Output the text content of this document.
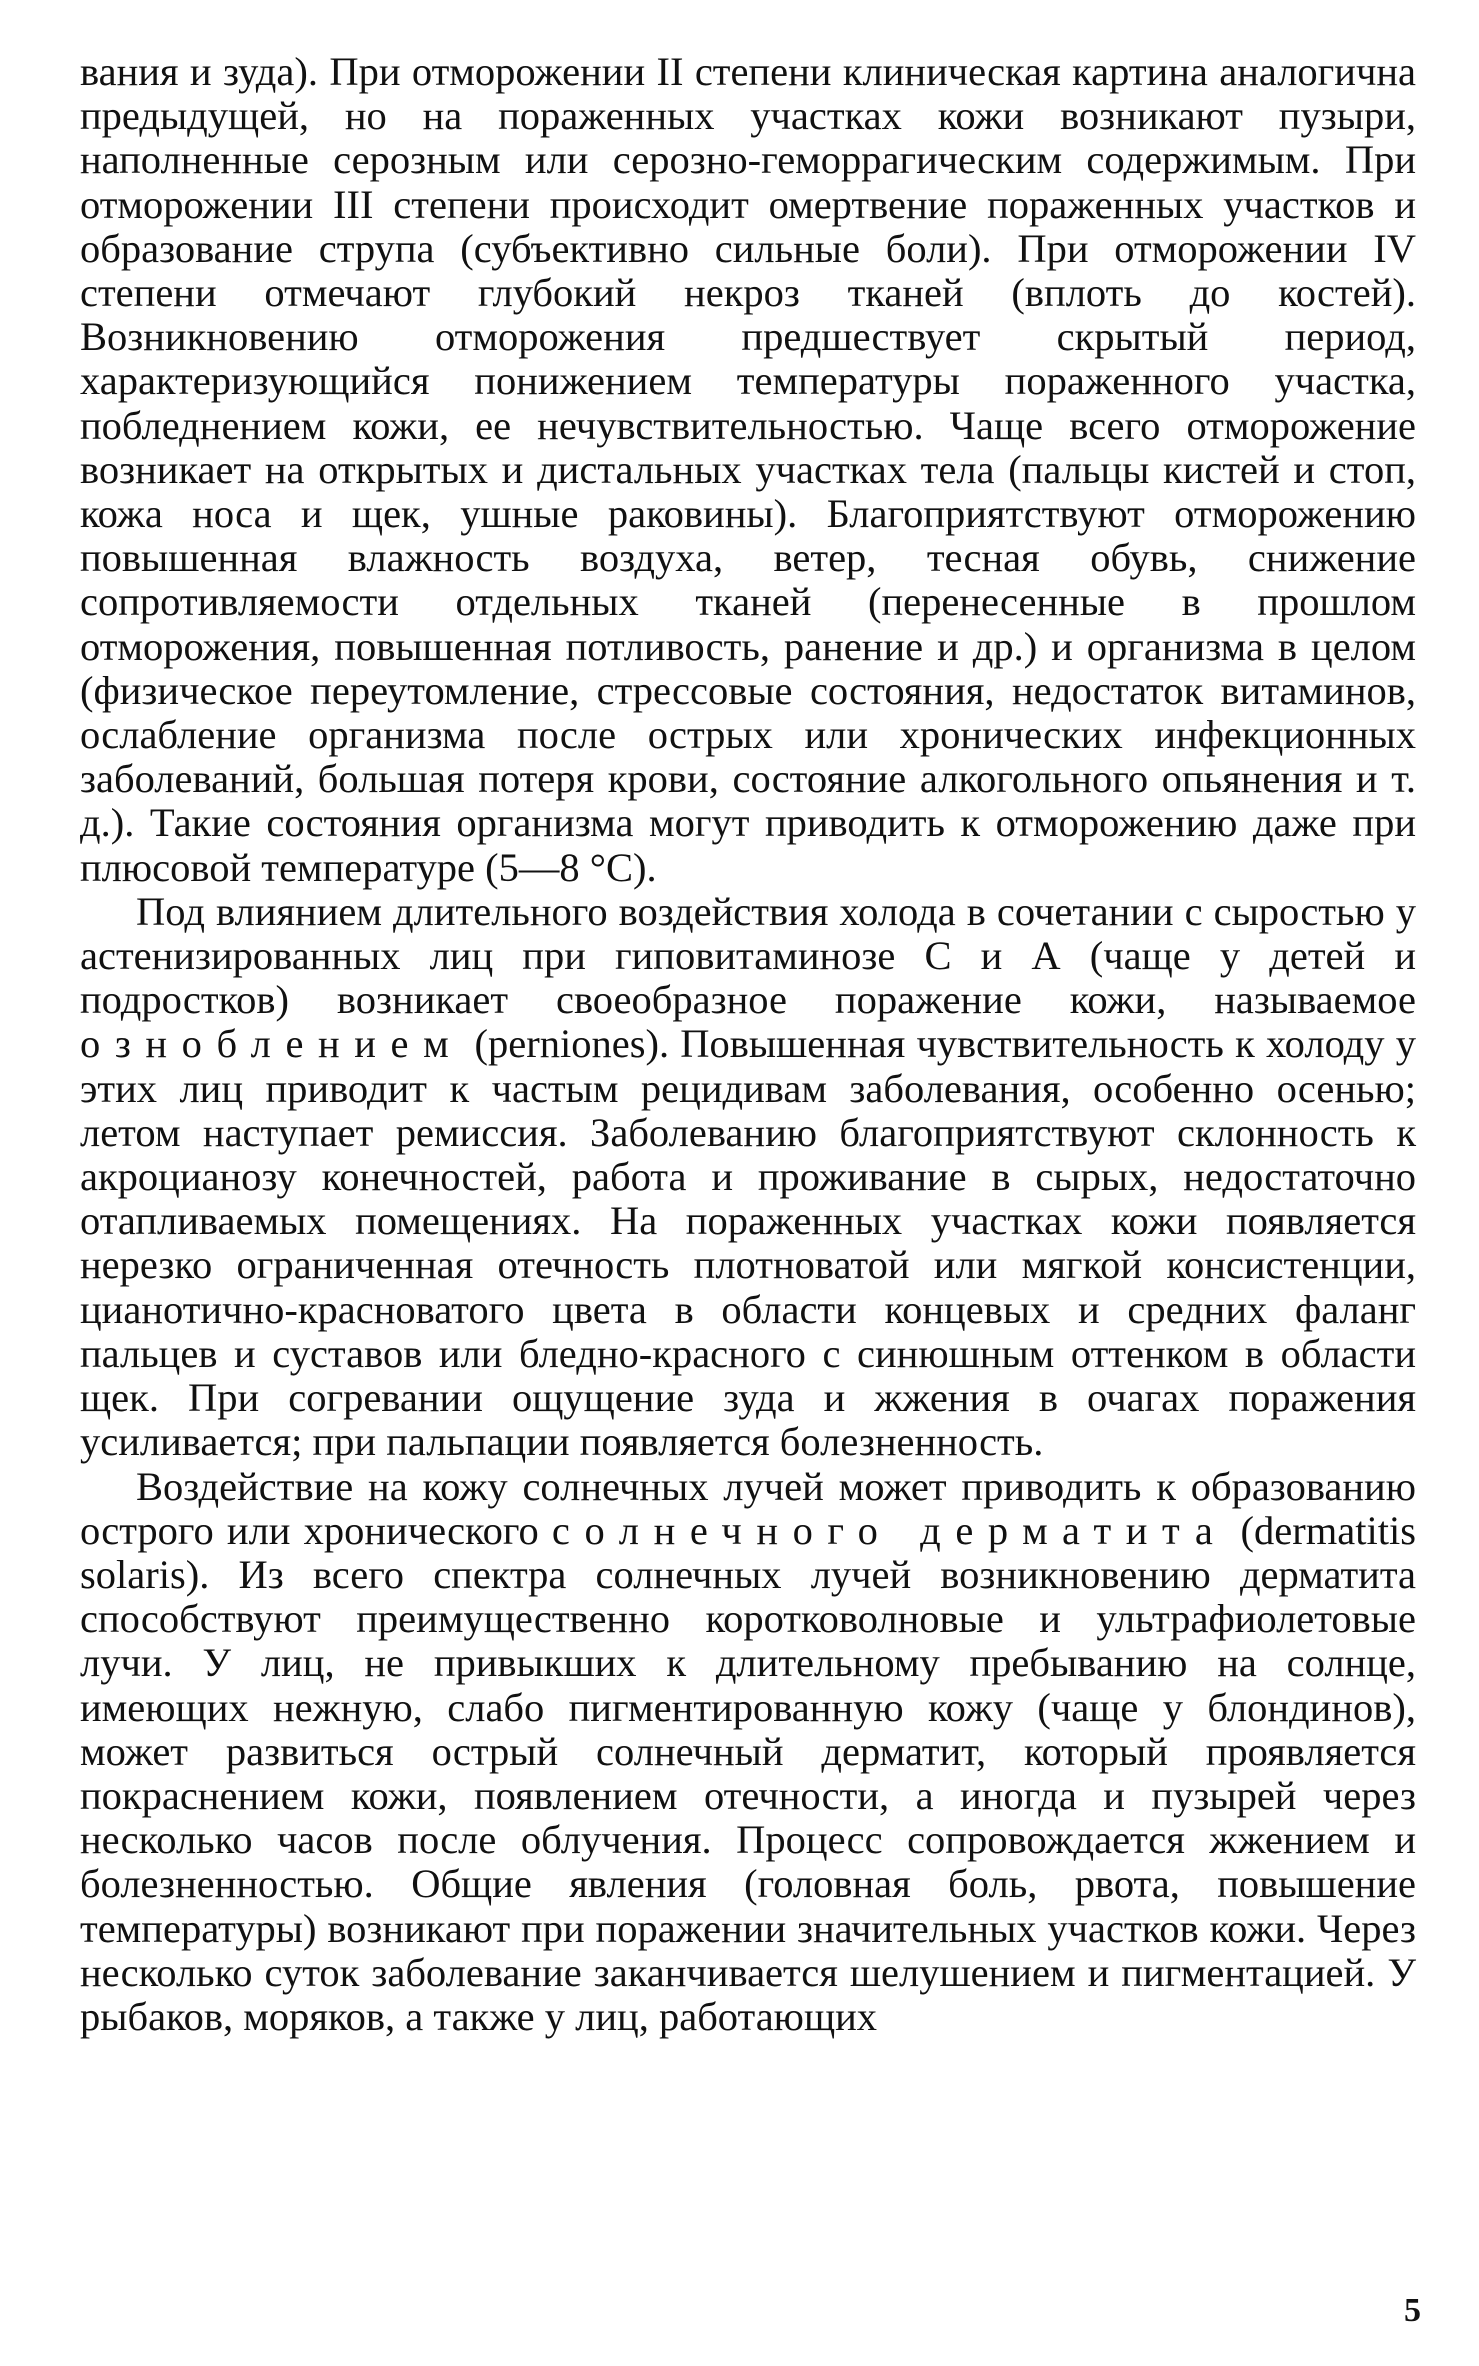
вания и зуда). При отморожении II степени клиническая картина аналогична предыдущей, но на пораженных участках кожи возникают пузыри, наполненные серозным или серозно-геморрагическим содержимым. При отморожении III степени происходит омертвение пораженных участков и образование струпа (субъективно сильные боли). При отморожении IV степени отмечают глубокий некроз тканей (вплоть до костей). Возникновению отморожения предшествует скрытый период, характеризующийся понижением температуры пораженного участка, побледнением кожи, ее нечувствительностью. Чаще всего отморожение возникает на открытых и дистальных участках тела (пальцы кистей и стоп, кожа носа и щек, ушные раковины). Благоприятствуют отморожению повышенная влажность воздуха, ветер, тесная обувь, снижение сопротивляемости отдельных тканей (перенесенные в прошлом отморожения, повышенная потливость, ранение и др.) и организма в целом (физическое переутомление, стрессовые состояния, недостаток витаминов, ослабление организма после острых или хронических инфекционных заболеваний, большая потеря крови, состояние алкогольного опьянения и т. д.). Такие состояния организма могут приводить к отморожению даже при плюсовой температуре (5—8 °С).

Под влиянием длительного воздействия холода в сочетании с сыростью у астенизированных лиц при гиповитаминозе С и А (чаще у детей и подростков) возникает своеобразное поражение кожи, называемое озноблением (perniones). Повышенная чувствительность к холоду у этих лиц приводит к частым рецидивам заболевания, особенно осенью; летом наступает ремиссия. Заболеванию благоприятствуют склонность к акроцианозу конечностей, работа и проживание в сырых, недостаточно отапливаемых помещениях. На пораженных участках кожи появляется нерезко ограниченная отечность плотноватой или мягкой консистенции, цианотично-красноватого цвета в области концевых и средних фаланг пальцев и суставов или бледно-красного с синюшным оттенком в области щек. При согревании ощущение зуда и жжения в очагах поражения усиливается; при пальпации появляется болезненность.

Воздействие на кожу солнечных лучей может приводить к образованию острого или хронического солнечного дерматита (dermatitis solaris). Из всего спектра солнечных лучей возникновению дерматита способствуют преимущественно коротковолновые и ультрафиолетовые лучи. У лиц, не привыкших к длительному пребыванию на солнце, имеющих нежную, слабо пигментированную кожу (чаще у блондинов), может развиться острый солнечный дерматит, который проявляется покраснением кожи, появлением отечности, а иногда и пузырей через несколько часов после облучения. Процесс сопровождается жжением и болезненностью. Общие явления (головная боль, рвота, повышение температуры) возникают при поражении значительных участков кожи. Через несколько суток заболевание заканчивается шелушением и пигментацией. У рыбаков, моряков, а также у лиц, работающих

5
